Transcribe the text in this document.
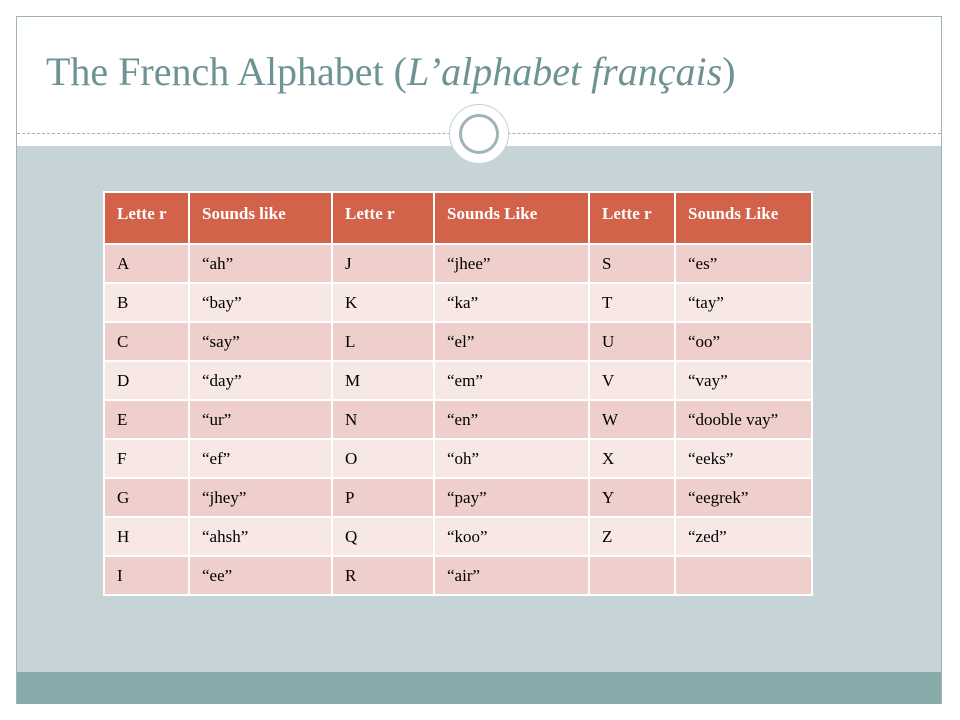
The French Alphabet (L’alphabet français)
Lette r	Sounds like	Lette r	Sounds Like	Lette r	Sounds Like
A	“ah”	J	“jhee”	S	“es”
B	“bay”	K	“ka”	T	“tay”
C	“say”	L	“el”	U	“oo”
D	“day”	M	“em”	V	“vay”
E	“ur”	N	“en”	W	“dooble vay”
F	“ef”	O	“oh”	X	“eeks”
G	“jhey”	P	“pay”	Y	“eegrek”
H	“ahsh”	Q	“koo”	Z	“zed”
I	“ee”	R	“air”		
